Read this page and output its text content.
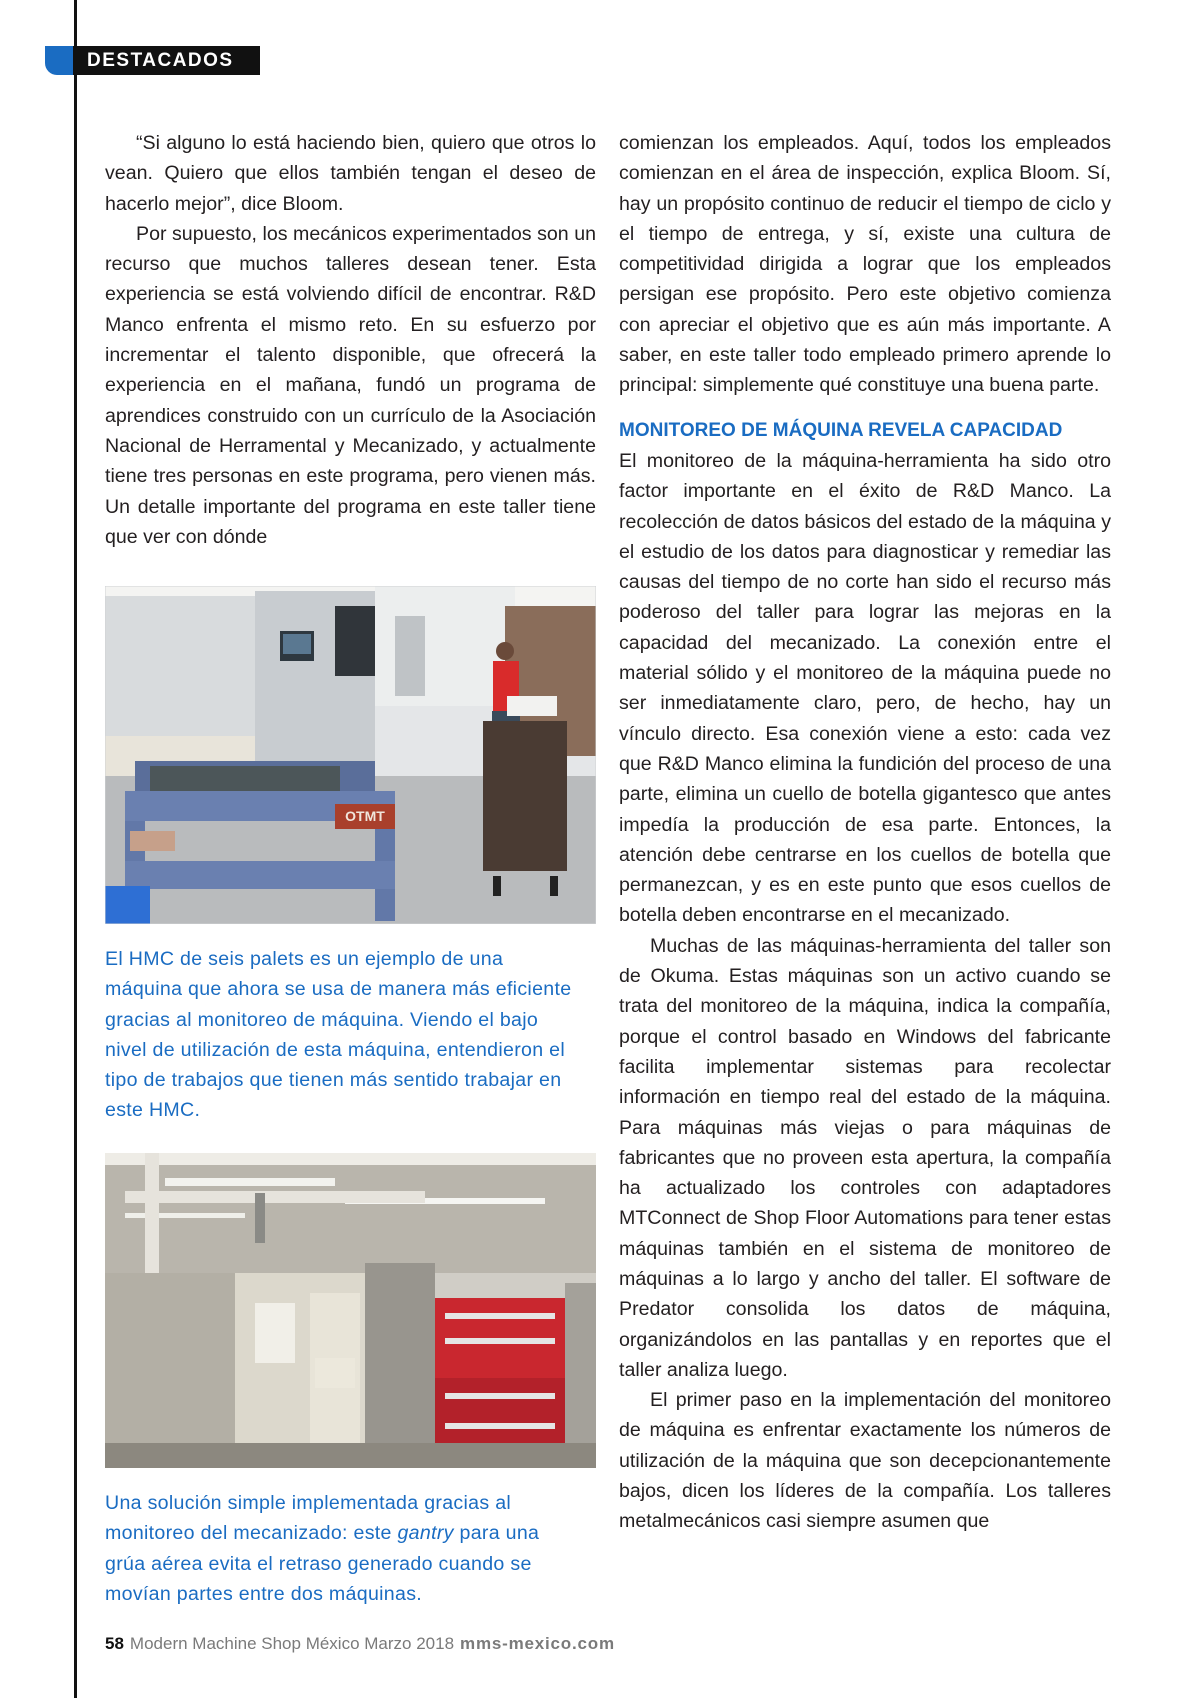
DESTACADOS

“Si alguno lo está haciendo bien, quiero que otros lo vean. Quiero que ellos también tengan el deseo de hacerlo mejor”, dice Bloom.

Por supuesto, los mecánicos experimentados son un recurso que muchos talleres desean tener. Esta experiencia se está volviendo difícil de encontrar. R&D Manco enfrenta el mismo reto. En su esfuerzo por incrementar el talento disponible, que ofrecerá la experiencia en el mañana, fundó un programa de aprendices construido con un currículo de la Asociación Nacional de Herramental y Mecanizado, y actualmente tiene tres personas en este programa, pero vienen más. Un detalle importante del programa en este taller tiene que ver con dónde

OTMT
El HMC de seis palets es un ejemplo de una máquina que ahora se usa de manera más eficiente gracias al monitoreo de máquina. Viendo el bajo nivel de utilización de esta máquina, entendieron el tipo de trabajos que tienen más sentido trabajar en este HMC.
Una solución simple implementada gracias al monitoreo del mecanizado: este gantry para una grúa aérea evita el retraso generado cuando se movían partes entre dos máquinas.

comienzan los empleados. Aquí, todos los empleados comienzan en el área de inspección, explica Bloom. Sí, hay un propósito continuo de reducir el tiempo de ciclo y el tiempo de entrega, y sí, existe una cultura de competitividad dirigida a lograr que los empleados persigan ese propósito. Pero este objetivo comienza con apreciar el objetivo que es aún más importante. A saber, en este taller todo empleado primero aprende lo principal: simplemente qué constituye una buena parte.

MONITOREO DE MÁQUINA REVELA CAPACIDAD

El monitoreo de la máquina-herramienta ha sido otro factor importante en el éxito de R&D Manco. La recolección de datos básicos del estado de la máquina y el estudio de los datos para diagnosticar y remediar las causas del tiempo de no corte han sido el recurso más poderoso del taller para lograr las mejoras en la capacidad del mecanizado. La conexión entre el material sólido y el monitoreo de la máquina puede no ser inmediatamente claro, pero, de hecho, hay un vínculo directo. Esa conexión viene a esto: cada vez que R&D Manco elimina la fundición del proceso de una parte, elimina un cuello de botella gigantesco que antes impedía la producción de esa parte. Entonces, la atención debe centrarse en los cuellos de botella que permanezcan, y es en este punto que esos cuellos de botella deben encontrarse en el mecanizado.

Muchas de las máquinas-herramienta del taller son de Okuma. Estas máquinas son un activo cuando se trata del monitoreo de la máquina, indica la compañía, porque el control basado en Windows del fabricante facilita implementar sistemas para recolectar información en tiempo real del estado de la máquina. Para máquinas más viejas o para máquinas de fabricantes que no proveen esta apertura, la compañía ha actualizado los controles con adaptadores MTConnect de Shop Floor Automations para tener estas máquinas también en el sistema de monitoreo de máquinas a lo largo y ancho del taller. El software de Predator consolida los datos de máquina, organizándolos en las pantallas y en reportes que el taller analiza luego.

El primer paso en la implementación del monitoreo de máquina es enfrentar exactamente los números de utilización de la máquina que son decepcionantemente bajos, dicen los líderes de la compañía. Los talleres metalmecánicos casi siempre asumen que

58 Modern Machine Shop México Marzo 2018 mms-mexico.com
